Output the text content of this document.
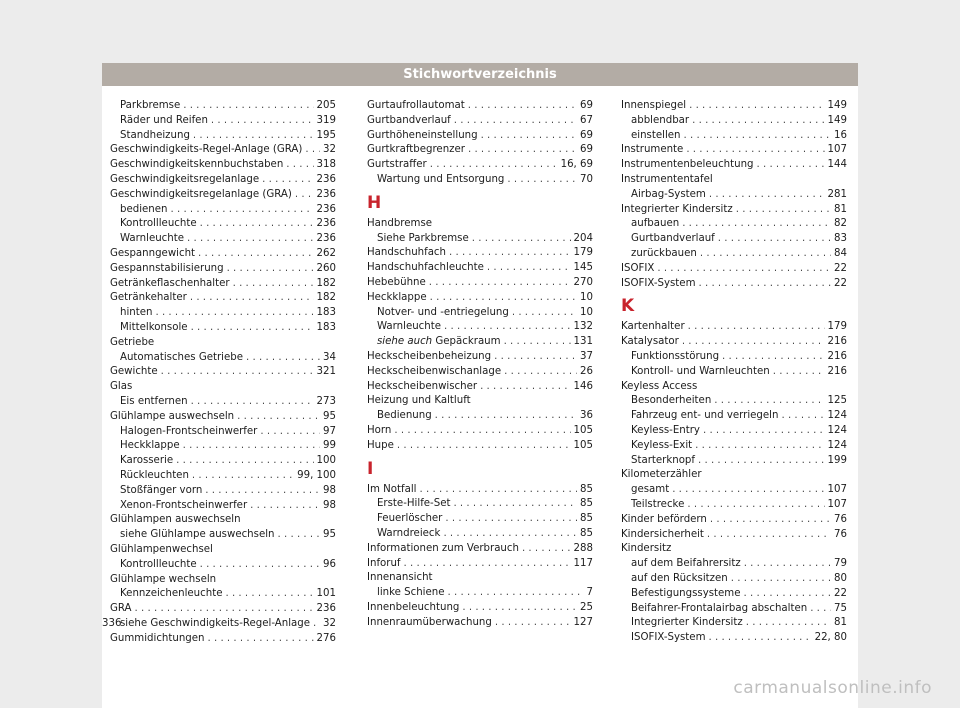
Stichwortverzeichnis
Parkbremse . . .	205
Räder und Reifen . . .	319
Standheizung . . .	195
Geschwindigkeits-Regel-Anlage (GRA) . . . 32
Geschwindigkeitskennbuchstaben . . .	318
Geschwindigkeitsregelanlage . . .	236
Geschwindigkeitsregelanlage (GRA) . . . 236
bedienen . . .	236
Kontrollleuchte . . .	236
Warnleuchte . . .	236
Gespanngewicht . . .	262
Gespannstabilisierung . . .	260
Getränkeflaschenhalter . . .	182
Getränkehalter . . .	182
hinten . . .	183
Mittelkonsole . . .	183
Getriebe
Automatisches Getriebe . . .	34
Gewichte . . .	321
Glas
Eis entfernen . . .	273
Glühlampe auswechseln . . .	95
Halogen-Frontscheinwerfer . . .	97
Heckklappe . . .	99
Karosserie . . .	100
Rückleuchten . . .	99, 100
Stoßfänger vorn . . .	98
Xenon-Frontscheinwerfer . . .	98
Glühlampen auswechseln
siehe Glühlampe auswechseln . . .	95
Glühlampenwechsel
Kontrollleuchte . . .	96
Glühlampe wechseln
Kennzeichenleuchte . . .	101
GRA . . .	236
siehe Geschwindigkeits-Regel-Anlage . . . 32
Gummidichtungen . . .	276
Gurtaufrollautomat . . .	69
Gurtbandverlauf . . .	67
Gurthöheneinstellung . . .	69
Gurtkraftbegrenzer . . .	69
Gurtstraffer . . .	16, 69
Wartung und Entsorgung . . .	70
H
Handbremse
Siehe Parkbremse . . .	204
Handschuhfach . . .	179
Handschuhfachleuchte . . .	145
Hebebühne . . .	270
Heckklappe . . .	10
Notver- und -entriegelung . . .	10
Warnleuchte . . .	132
siehe auch Gepäckraum . . .	131
Heckscheibenbeheizung . . .	37
Heckscheibenwischanlage . . .	26
Heckscheibenwischer . . .	146
Heizung und Kaltluft
Bedienung . . .	36
Horn . . .	105
Hupe . . .	105
I
Im Notfall . . .	85
Erste-Hilfe-Set . . .	85
Feuerlöscher . . .	85
Warndreieck . . .	85
Informationen zum Verbrauch . . .	288
Inforuf . . .	117
Innenansicht
linke Schiene . . .	7
Innenbeleuchtung . . .	25
Innenraumüberwachung . . .	127
Innenspiegel . . .	149
abblendbar . . .	149
einstellen . . .	16
Instrumente . . .	107
Instrumentenbeleuchtung . . .	144
Instrumententafel
Airbag-System . . .	281
Integrierter Kindersitz . . .	81
aufbauen . . .	82
Gurtbandverlauf . . .	83
zurückbauen . . .	84
ISOFIX . . .	22
ISOFIX-System . . .	22
K
Kartenhalter . . .	179
Katalysator . . .	216
Funktionsstörung . . .	216
Kontroll- und Warnleuchten . . .	216
Keyless Access
Besonderheiten . . .	125
Fahrzeug ent- und verriegeln . . .	124
Keyless-Entry . . .	124
Keyless-Exit . . .	124
Starterknopf . . .	199
Kilometerzähler
gesamt . . .	107
Teilstrecke . . .	107
Kinder befördern . . .	76
Kindersicherheit . . .	76
Kindersitz
auf dem Beifahrersitz . . .	79
auf den Rücksitzen . . .	80
Befestigungssysteme . . .	22
Beifahrer-Frontalairbag abschalten . . .	75
Integrierter Kindersitz . . .	81
ISOFIX-System . . .	22, 80
336
carmanualsonline.info
